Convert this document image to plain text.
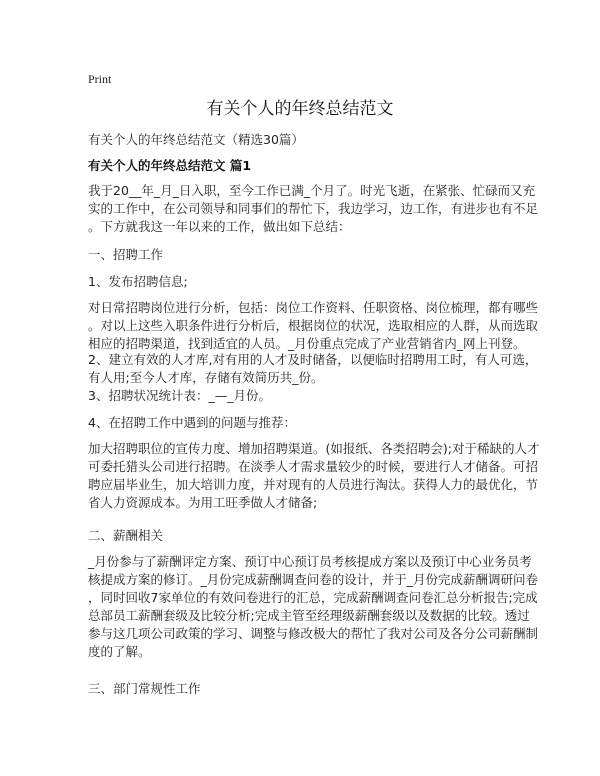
Print
有关个人的年终总结范文
有关个人的年终总结范文（精选30篇）
有关个人的年终总结范文 篇1
我于20__年_月_日入职，至今工作已满_个月了。时光飞逝，在紧张、忙碌而又充
实的工作中，在公司领导和同事们的帮忙下，我边学习，边工作，有进步也有不足
。下方就我这一年以来的工作，做出如下总结：
一、招聘工作
1、发布招聘信息;
对日常招聘岗位进行分析，包括：岗位工作资料、任职资格、岗位梳理，都有哪些
。对以上这些入职条件进行分析后，根据岗位的状况，选取相应的人群，从而选取
相应的招聘渠道，找到适宜的人员。_月份重点完成了产业营销省内_网上刊登。
2、建立有效的人才库,对有用的人才及时储备，以便临时招聘用工时，有人可选，
有人用;至今人才库，存储有效简历共_份。
3、招聘状况统计表：_—_月份。
4、在招聘工作中遇到的问题与推荐：
加大招聘职位的宣传力度、增加招聘渠道。(如报纸、各类招聘会);对于稀缺的人才
可委托猎头公司进行招聘。在淡季人才需求量较少的时候，要进行人才储备。可招
聘应届毕业生，加大培训力度，并对现有的人员进行淘汰。获得人力的最优化，节
省人力资源成本。为用工旺季做人才储备;
二、薪酬相关
_月份参与了薪酬评定方案、预订中心预订员考核提成方案以及预订中心业务员考
核提成方案的修订。_月份完成薪酬调查问卷的设计，并于_月份完成薪酬调研问卷
，同时回收7家单位的有效问卷进行的汇总，完成薪酬调查问卷汇总分析报告;完成
总部员工薪酬套级及比较分析;完成主管至经理级薪酬套级以及数据的比较。透过
参与这几项公司政策的学习、调整与修改极大的帮忙了我对公司及各分公司薪酬制
度的了解。
三、部门常规性工作
